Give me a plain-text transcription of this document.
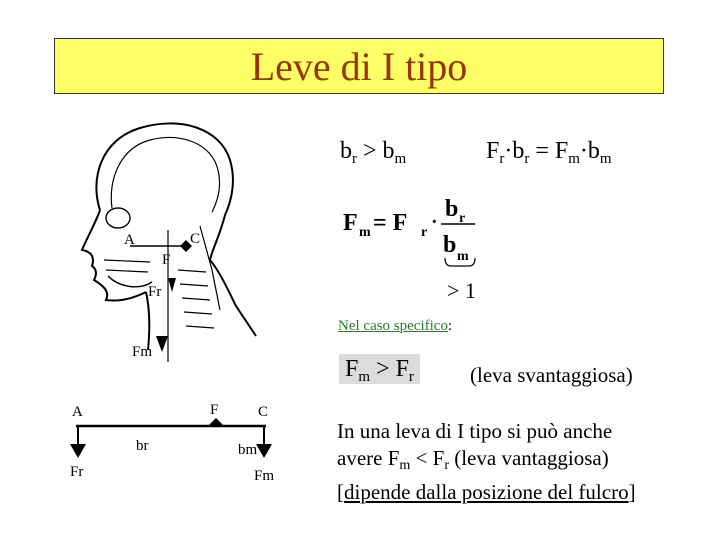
Leve di I tipo
$b_r > b_m$	$F_r\cdot b_r = F_m\cdot b_m$
F m = F r · b r
b m
> 1
Nel caso specifico:
$F_m > F_r$	(leva svantaggiosa)
In una leva di I tipo si può anche
avere $F_m < F_r$ (leva vantaggiosa)
[dipende dalla posizione del fulcro]
A	C
F
Fr
Fm
A	F	C
Fr
br	bm
Fm
